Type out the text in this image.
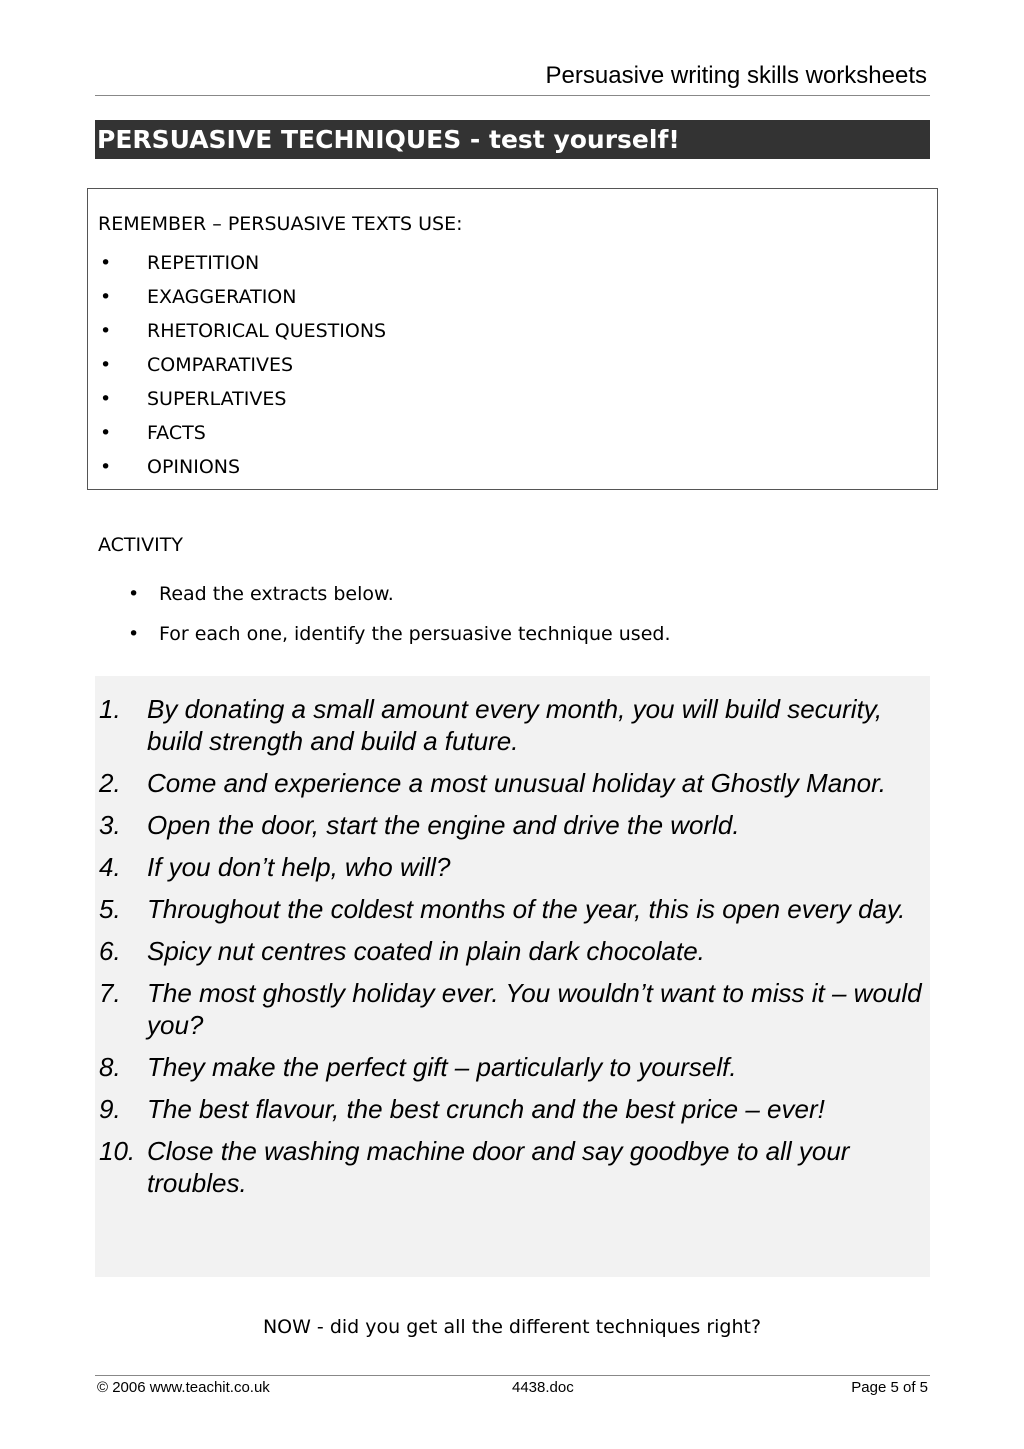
Persuasive writing skills worksheets
PERSUASIVE TECHNIQUES - test yourself!
REMEMBER – PERSUASIVE TEXTS USE:
• REPETITION
• EXAGGERATION
• RHETORICAL QUESTIONS
• COMPARATIVES
• SUPERLATIVES
• FACTS
• OPINIONS
ACTIVITY
• Read the extracts below.
• For each one, identify the persuasive technique used.
1. By donating a small amount every month, you will build security, build strength and build a future.
2. Come and experience a most unusual holiday at Ghostly Manor.
3. Open the door, start the engine and drive the world.
4. If you don’t help, who will?
5. Throughout the coldest months of the year, this is open every day.
6. Spicy nut centres coated in plain dark chocolate.
7. The most ghostly holiday ever. You wouldn’t want to miss it – would you?
8. They make the perfect gift – particularly to yourself.
9. The best flavour, the best crunch and the best price – ever!
10. Close the washing machine door and say goodbye to all your troubles.
NOW - did you get all the different techniques right?
© 2006 www.teachit.co.uk	4438.doc	Page 5 of 5
